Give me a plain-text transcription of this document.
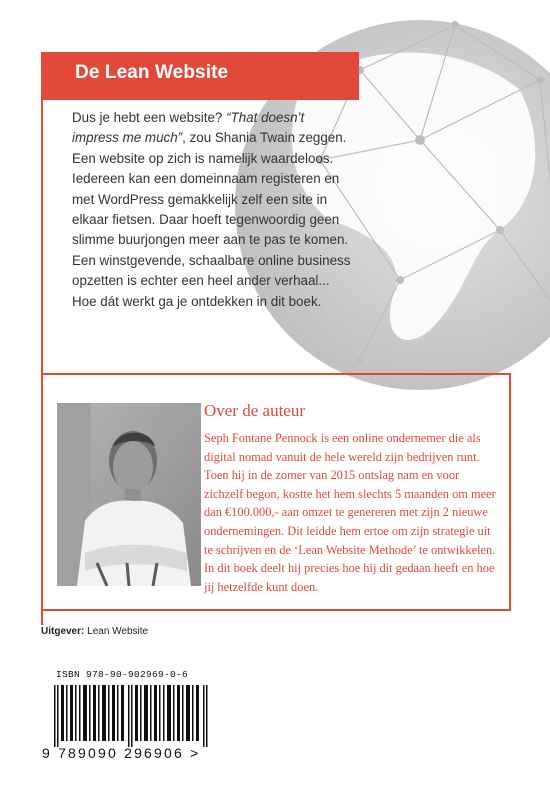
De Lean Website

Dus je hebt een website? “That doesn’t impress me much”, zou Shania Twain zeggen. Een website op zich is namelijk waardeloos. Iedereen kan een domeinnaam registeren en met WordPress gemakkelijk zelf een site in elkaar fietsen. Daar hoeft tegenwoordig geen slimme buurjongen meer aan te pas te komen. Een winstgevende, schaalbare online business opzetten is echter een heel ander verhaal... Hoe dát werkt ga je ontdekken in dit boek.

Over de auteur
Seph Fontane Pennock is een online ondernemer die als digital nomad vanuit de hele wereld zijn bedrijven runt. Toen hij in de zomer van 2015 ontslag nam en voor zichzelf begon, kostte het hem slechts 5 maanden om meer dan €100.000,- aan omzet te genereren met zijn 2 nieuwe ondernemingen. Dit leidde hem ertoe om zijn strategie uit te schrijven en de ‘Lean Website Methode’ te ontwikkelen. In dit boek deelt hij precies hoe hij dit gedaan heeft en hoe jij hetzelfde kunt doen.
Uitgever: Lean Website
ISBN 978-90-902969-0-6
9 789090 296906 >
